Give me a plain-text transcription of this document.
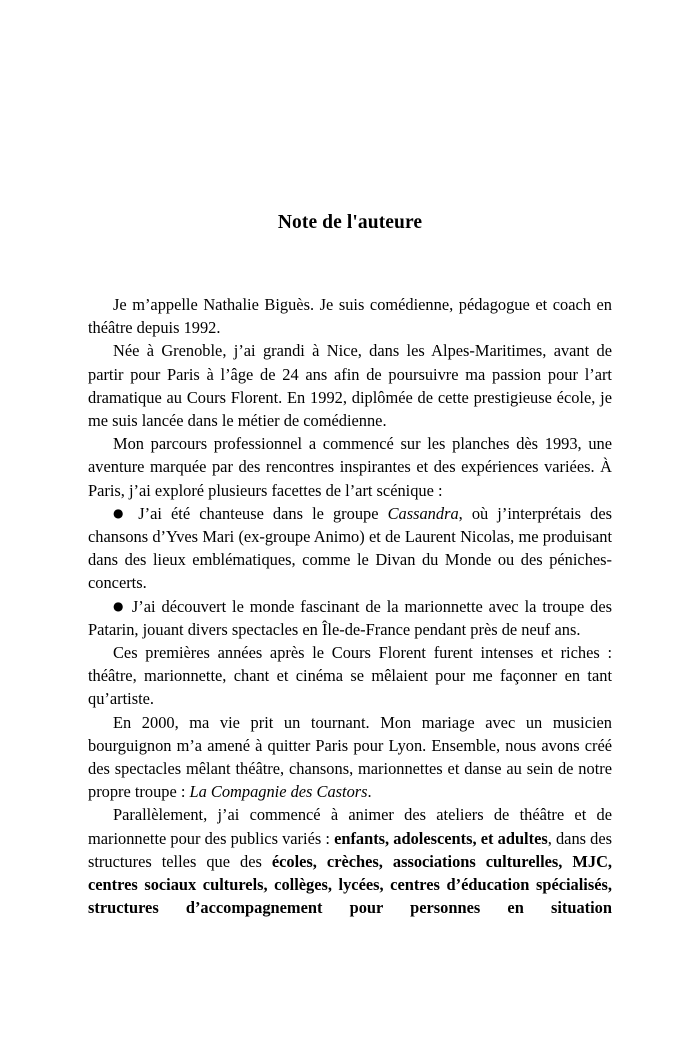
Note de l'auteure

Je m’appelle Nathalie Biguès. Je suis comédienne, pédagogue et coach en théâtre depuis 1992.

Née à Grenoble, j’ai grandi à Nice, dans les Alpes-Maritimes, avant de partir pour Paris à l’âge de 24 ans afin de poursuivre ma passion pour l’art dramatique au Cours Florent. En 1992, diplômée de cette prestigieuse école, je me suis lancée dans le métier de comédienne.

Mon parcours professionnel a commencé sur les planches dès 1993, une aventure marquée par des rencontres inspirantes et des expériences variées. À Paris, j’ai exploré plusieurs facettes de l’art scénique :

● J’ai été chanteuse dans le groupe Cassandra, où j’interprétais des chansons d’Yves Mari (ex-groupe Animo) et de Laurent Nicolas, me produisant dans des lieux emblématiques, comme le Divan du Monde ou des péniches-concerts.

● J’ai découvert le monde fascinant de la marionnette avec la troupe des Patarin, jouant divers spectacles en Île-de-France pendant près de neuf ans.

Ces premières années après le Cours Florent furent intenses et riches : théâtre, marionnette, chant et cinéma se mêlaient pour me façonner en tant qu’artiste.

En 2000, ma vie prit un tournant. Mon mariage avec un musicien bourguignon m’a amené à quitter Paris pour Lyon. Ensemble, nous avons créé des spectacles mêlant théâtre, chansons, marionnettes et danse au sein de notre propre troupe : La Compagnie des Castors.

Parallèlement, j’ai commencé à animer des ateliers de théâtre et de marionnette pour des publics variés : enfants, adolescents, et adultes, dans des structures telles que des écoles, crèches, associations culturelles, MJC, centres sociaux culturels, collèges, lycées, centres d’éducation spécialisés, structures d’accompagnement pour personnes en situation
